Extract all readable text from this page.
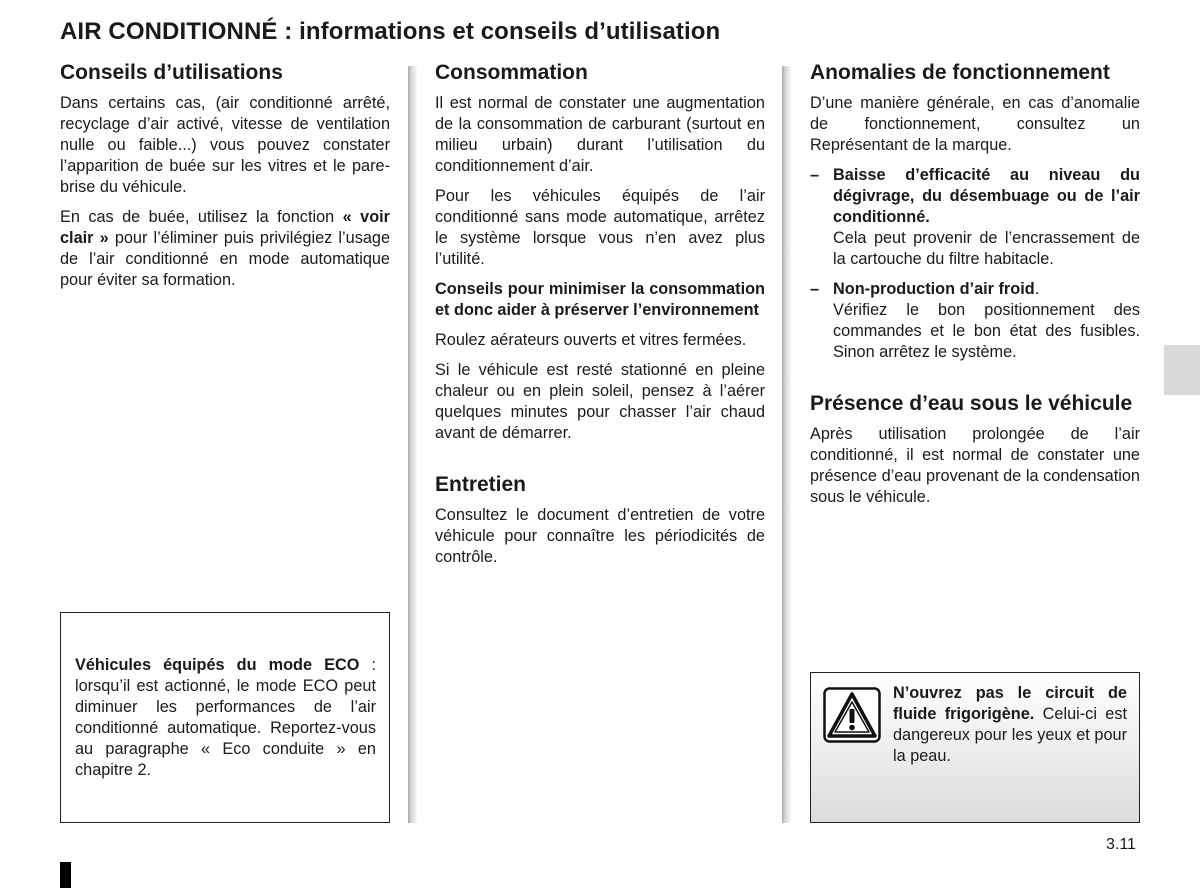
AIR CONDITIONNÉ : informations et conseils d’utilisation
Conseils d’utilisations

Dans certains cas, (air conditionné arrêté, recyclage d’air activé, vitesse de ventilation nulle ou faible...) vous pouvez constater l’apparition de buée sur les vitres et le pare-brise du véhicule.

En cas de buée, utilisez la fonction « voir clair » pour l’éliminer puis privilégiez l’usage de l’air conditionné en mode automatique pour éviter sa formation.

Véhicules équipés du mode ECO : lorsqu’il est actionné, le mode ECO peut diminuer les performances de l’air conditionné automatique. Reportez-vous au paragraphe « Eco conduite » en chapitre 2.

Consommation

Il est normal de constater une augmentation de la consommation de carburant (surtout en milieu urbain) durant l’utilisation du conditionnement d’air.

Pour les véhicules équipés de l’air conditionné sans mode automatique, arrêtez le système lorsque vous n’en avez plus l’utilité.

Conseils pour minimiser la consommation et donc aider à préserver l’environnement

Roulez aérateurs ouverts et vitres fermées.

Si le véhicule est resté stationné en pleine chaleur ou en plein soleil, pensez à l’aérer quelques minutes pour chasser l’air chaud avant de démarrer.

Entretien

Consultez le document d’entretien de votre véhicule pour connaître les périodicités de contrôle.

Anomalies de fonctionnement

D’une manière générale, en cas d’anomalie de fonctionnement, consultez un Représentant de la marque.

– Baisse d’efficacité au niveau du dégivrage, du désembuage ou de l’air conditionné.

Cela peut provenir de l’encrassement de la cartouche du filtre habitacle.

– Non-production d’air froid.

Vérifiez le bon positionnement des commandes et le bon état des fusibles. Sinon arrêtez le système.

Présence d’eau sous le véhicule

Après utilisation prolongée de l’air conditionné, il est normal de constater une présence d’eau provenant de la condensation sous le véhicule.

N’ouvrez pas le circuit de fluide frigorigène. Celui-ci est dangereux pour les yeux et pour la peau.

3.11
